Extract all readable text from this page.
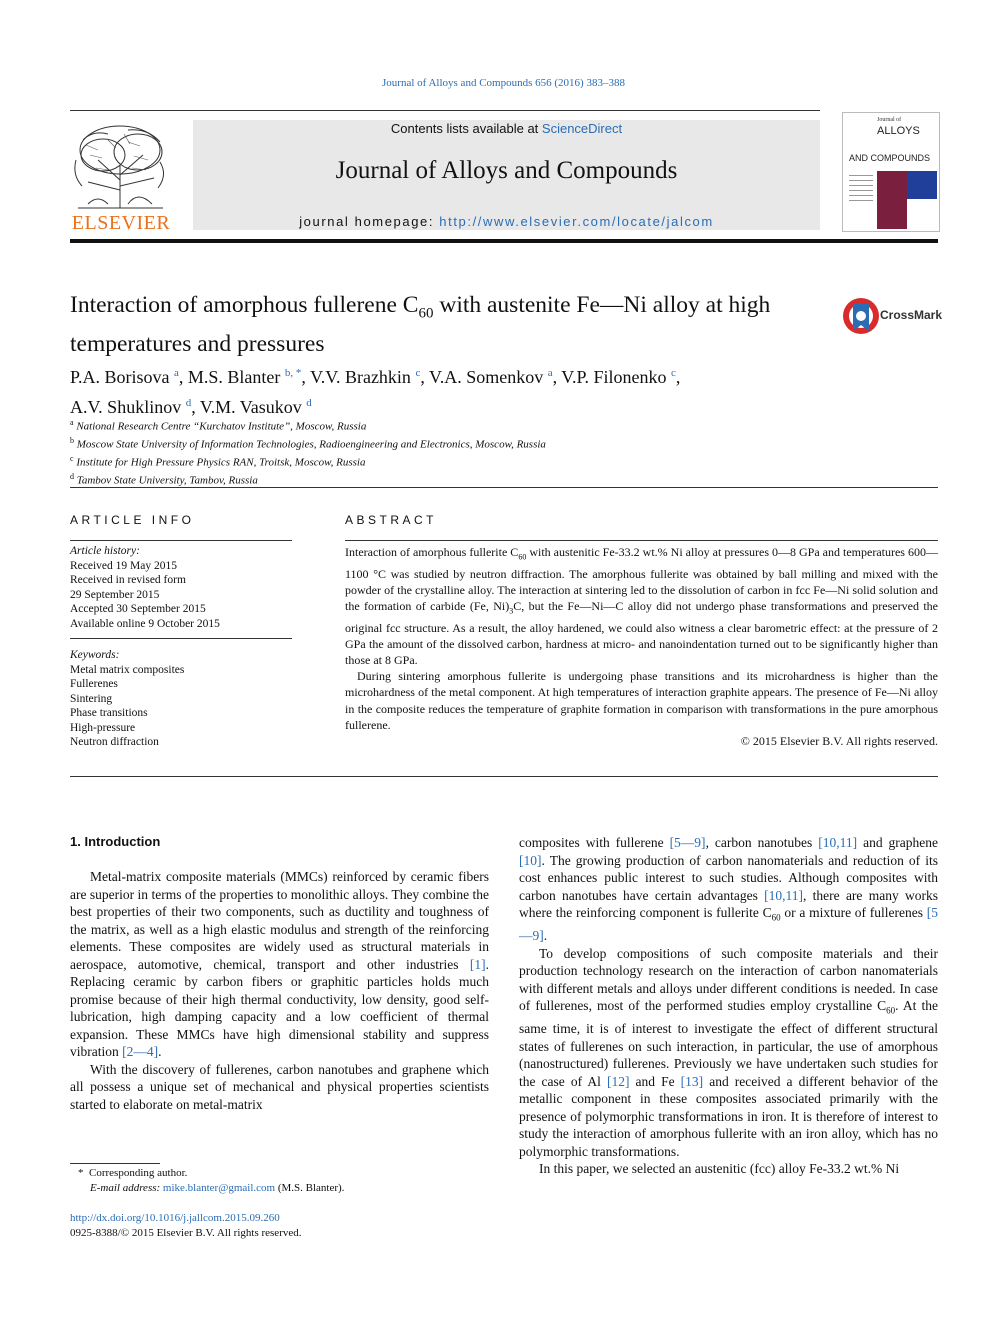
Journal of Alloys and Compounds 656 (2016) 383–388
ELSEVIER
Contents lists available at ScienceDirect
Journal of Alloys and Compounds
journal homepage: http://www.elsevier.com/locate/jalcom
Journal of
ALLOYS
AND COMPOUNDS
Interaction of amorphous fullerene $C_{60}$ with austenite Fe—Ni alloy at high temperatures and pressures
CrossMark
P.A. Borisova $^a$, M.S. Blanter $^{b, *}$, V.V. Brazhkin $^c$, V.A. Somenkov $^a$, V.P. Filonenko $^c$,
A.V. Shuklinov $^d$, V.M. Vasukov $^d$
$^a$ National Research Centre “Kurchatov Institute”, Moscow, Russia
$^b$ Moscow State University of Information Technologies, Radioengineering and Electronics, Moscow, Russia
$^c$ Institute for High Pressure Physics RAN, Troitsk, Moscow, Russia
$^d$ Tambov State University, Tambov, Russia
ARTICLE INFO
Article history:
Received 19 May 2015
Received in revised form
29 September 2015
Accepted 30 September 2015
Available online 9 October 2015
Keywords:
Metal matrix composites
Fullerenes
Sintering
Phase transitions
High-pressure
Neutron diffraction
ABSTRACT

Interaction of amorphous fullerite $C_{60}$ with austenitic Fe-33.2 wt.% Ni alloy at pressures 0—8 GPa and temperatures 600—1100 °C was studied by neutron diffraction. The amorphous fullerite was obtained by ball milling and mixed with the powder of the crystalline alloy. The interaction at sintering led to the dissolution of carbon in fcc Fe—Ni solid solution and the formation of carbide (Fe, $Ni)_3C$, but the Fe—Ni—C alloy did not undergo phase transformations and preserved the original fcc structure. As a result, the alloy hardened, we could also witness a clear barometric effect: at the pressure of 2 GPa the amount of the dissolved carbon, hardness at micro- and nanoindentation turned out to be significantly higher than those at 8 GPa.

During sintering amorphous fullerite is undergoing phase transitions and its microhardness is higher than the microhardness of the metal component. At high temperatures of interaction graphite appears. The presence of Fe—Ni alloy in the composite reduces the temperature of graphite formation in comparison with transformations in the pure amorphous fullerene.

© 2015 Elsevier B.V. All rights reserved.
1. Introduction

Metal-matrix composite materials (MMCs) reinforced by ceramic fibers are superior in terms of the properties to monolithic alloys. They combine the best properties of their two components, such as ductility and toughness of the matrix, as well as a high elastic modulus and strength of the reinforcing elements. These composites are widely used as structural materials in aerospace, automotive, chemical, transport and other industries [1]. Replacing ceramic by carbon fibers or graphitic particles holds much promise because of their high thermal conductivity, low density, good self-lubrication, high damping capacity and a low coefficient of thermal expansion. These MMCs have high dimensional stability and suppress vibration [2—4].

With the discovery of fullerenes, carbon nanotubes and graphene which all possess a unique set of mechanical and physical properties scientists started to elaborate on metal-matrix

composites with fullerene [5—9], carbon nanotubes [10,11] and graphene [10]. The growing production of carbon nanomaterials and reduction of its cost enhances public interest to such studies. Although composites with carbon nanotubes have certain advantages [10,11], there are many works where the reinforcing component is fullerite $C_{60}$ or a mixture of fullerenes [5—9].

To develop compositions of such composite materials and their production technology research on the interaction of carbon nanomaterials with different metals and alloys under different conditions is needed. In case of fullerenes, most of the performed studies employ crystalline $C_{60}$. At the same time, it is of interest to investigate the effect of different structural states of fullerenes on such interaction, in particular, the use of amorphous (nanostructured) fullerenes. Previously we have undertaken such studies for the case of Al [12] and Fe [13] and received a different behavior of the metallic component in these composites associated primarily with the presence of polymorphic transformations in iron. It is therefore of interest to study the interaction of amorphous fullerite with an iron alloy, which has no polymorphic transformations.

In this paper, we selected an austenitic (fcc) alloy Fe-33.2 wt.% Ni

* Corresponding author.
E-mail address: mike.blanter@gmail.com (M.S. Blanter).
http://dx.doi.org/10.1016/j.jallcom.2015.09.260
0925-8388/© 2015 Elsevier B.V. All rights reserved.
